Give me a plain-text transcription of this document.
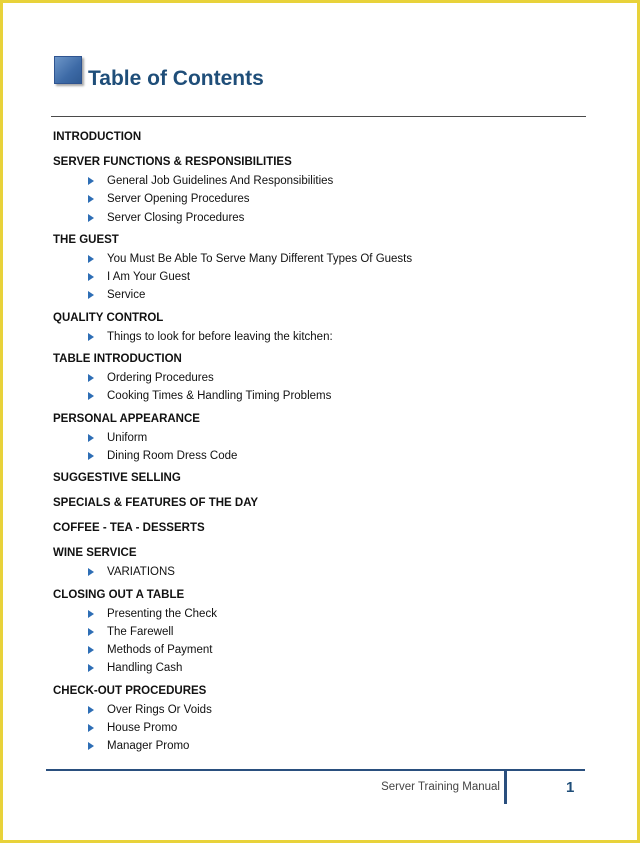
Table of Contents
INTRODUCTION
SERVER FUNCTIONS & RESPONSIBILITIES
General Job Guidelines And Responsibilities
Server Opening Procedures
Server Closing Procedures
THE GUEST
You Must Be Able To Serve Many Different Types Of Guests
I Am Your Guest
Service
QUALITY CONTROL
Things to look for before leaving the kitchen:
TABLE INTRODUCTION
Ordering Procedures
Cooking Times & Handling Timing Problems
PERSONAL APPEARANCE
Uniform
Dining Room Dress Code
SUGGESTIVE SELLING
SPECIALS & FEATURES OF THE DAY
COFFEE - TEA - DESSERTS
WINE SERVICE
VARIATIONS
CLOSING OUT A TABLE
Presenting the Check
The Farewell
Methods of Payment
Handling Cash
CHECK-OUT PROCEDURES
Over Rings Or Voids
House Promo
Manager Promo
Server Training Manual	1
